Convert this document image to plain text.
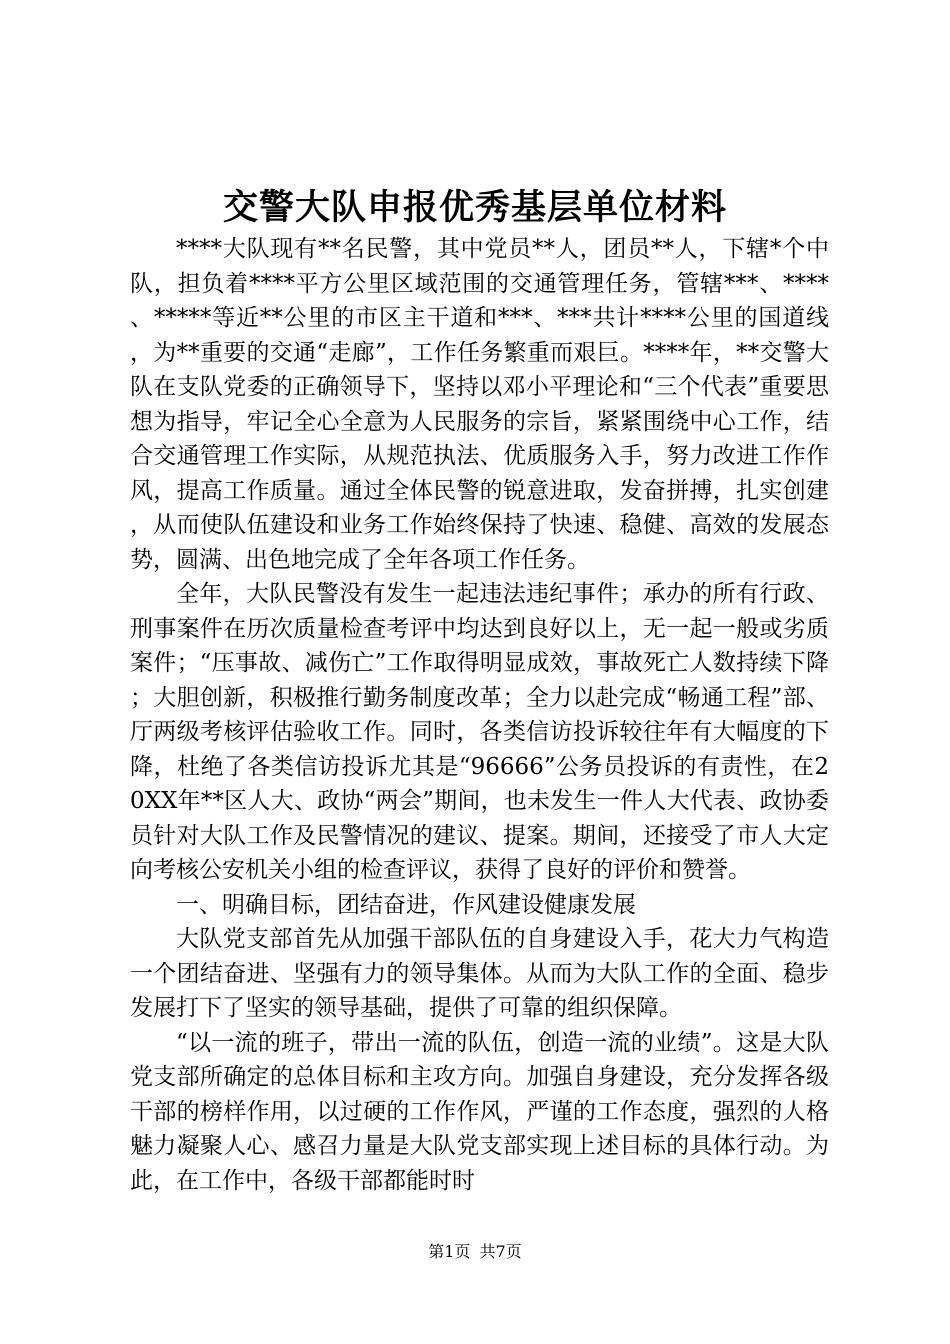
交警大队申报优秀基层单位材料

****大队现有**名民警，其中党员**人，团员**人，下辖*个中队，担负着****平方公里区域范围的交通管理任务，管辖***、****、*****等近**公里的市区主干道和***、***共计****公里的国道线，为**重要的交通“走廊”，工作任务繁重而艰巨。****年，**交警大队在支队党委的正确领导下，坚持以邓小平理论和“三个代表”重要思想为指导，牢记全心全意为人民服务的宗旨，紧紧围绕中心工作，结合交通管理工作实际，从规范执法、优质服务入手，努力改进工作作风，提高工作质量。通过全体民警的锐意进取，发奋拼搏，扎实创建，从而使队伍建设和业务工作始终保持了快速、稳健、高效的发展态势，圆满、出色地完成了全年各项工作任务。

全年，大队民警没有发生一起违法违纪事件；承办的所有行政、刑事案件在历次质量检查考评中均达到良好以上，无一起一般或劣质案件；“压事故、减伤亡”工作取得明显成效，事故死亡人数持续下降；大胆创新，积极推行勤务制度改革；全力以赴完成“畅通工程”部、厅两级考核评估验收工作。同时，各类信访投诉较往年有大幅度的下降，杜绝了各类信访投诉尤其是“96666”公务员投诉的有责性，在20XX年**区人大、政协“两会”期间，也未发生一件人大代表、政协委员针对大队工作及民警情况的建议、提案。期间，还接受了市人大定向考核公安机关小组的检查评议，获得了良好的评价和赞誉。

一、明确目标，团结奋进，作风建设健康发展

大队党支部首先从加强干部队伍的自身建设入手，花大力气构造一个团结奋进、坚强有力的领导集体。从而为大队工作的全面、稳步发展打下了坚实的领导基础，提供了可靠的组织保障。

“以一流的班子，带出一流的队伍，创造一流的业绩”。这是大队党支部所确定的总体目标和主攻方向。加强自身建设，充分发挥各级干部的榜样作用，以过硬的工作作风，严谨的工作态度，强烈的人格魅力凝聚人心、感召力量是大队党支部实现上述目标的具体行动。为此，在工作中，各级干部都能时时

第1页 共7页
